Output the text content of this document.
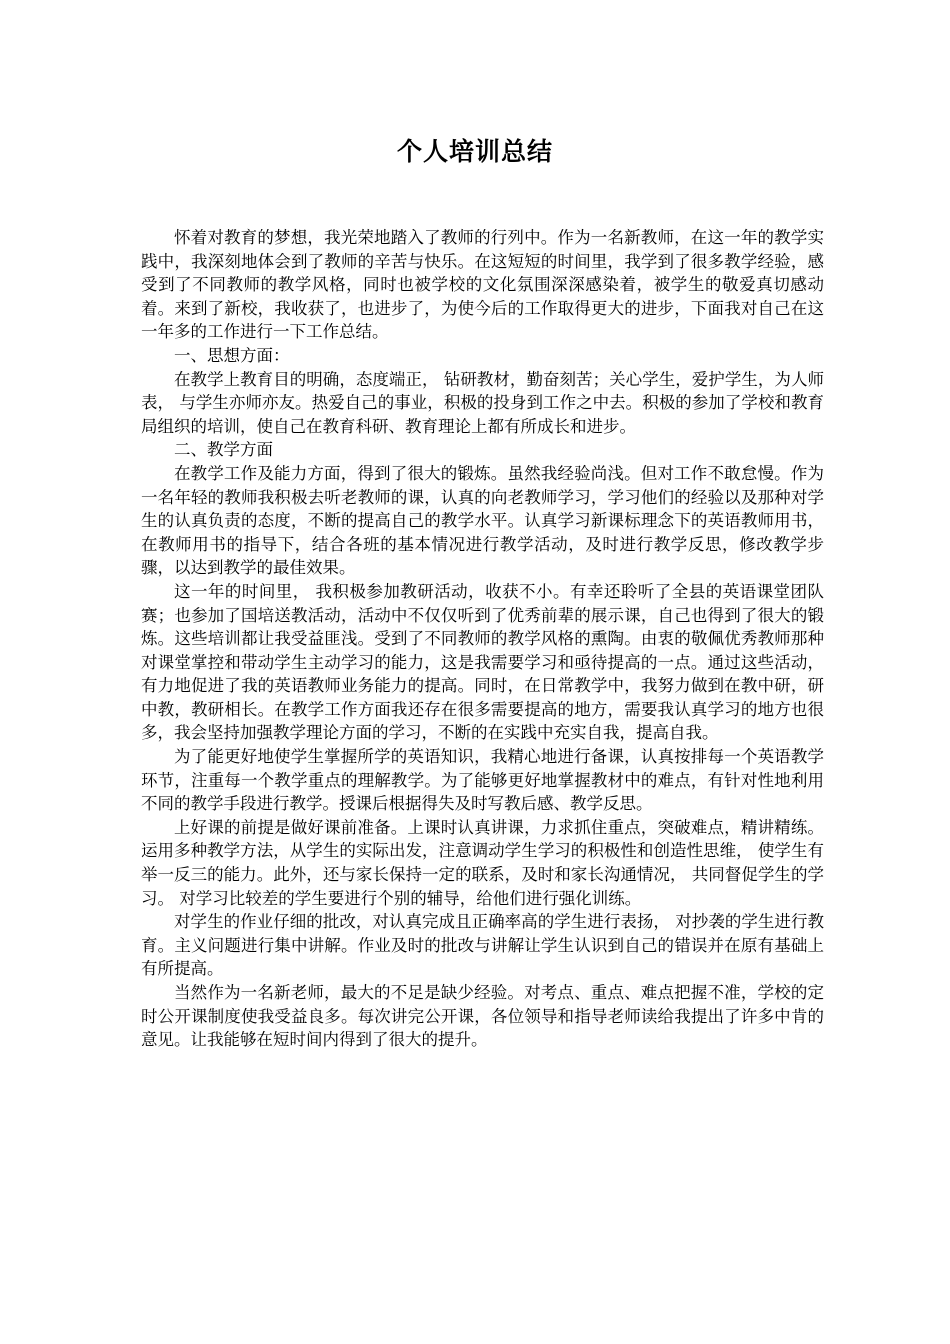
个人培训总结

怀着对教育的梦想，我光荣地踏入了教师的行列中。作为一名新教师，在这一年的教学实践中，我深刻地体会到了教师的辛苦与快乐。在这短短的时间里，我学到了很多教学经验，感受到了不同教师的教学风格，同时也被学校的文化氛围深深感染着，被学生的敬爱真切感动着。来到了新校，我收获了，也进步了，为使今后的工作取得更大的进步，下面我对自己在这一年多的工作进行一下工作总结。

一、思想方面：

在教学上教育目的明确，态度端正， 钻研教材，勤奋刻苦；关心学生，爱护学生，为人师表， 与学生亦师亦友。热爱自己的事业，积极的投身到工作之中去。积极的参加了学校和教育局组织的培训，使自己在教育科研、教育理论上都有所成长和进步。

二、教学方面

在教学工作及能力方面，得到了很大的锻炼。虽然我经验尚浅。但对工作不敢怠慢。作为一名年轻的教师我积极去听老教师的课，认真的向老教师学习，学习他们的经验以及那种对学生的认真负责的态度，不断的提高自己的教学水平。认真学习新课标理念下的英语教师用书，在教师用书的指导下，结合各班的基本情况进行教学活动，及时进行教学反思，修改教学步骤，以达到教学的最佳效果。

这一年的时间里， 我积极参加教研活动，收获不小。有幸还聆听了全县的英语课堂团队赛；也参加了国培送教活动，活动中不仅仅听到了优秀前辈的展示课，自己也得到了很大的锻炼。这些培训都让我受益匪浅。受到了不同教师的教学风格的熏陶。由衷的敬佩优秀教师那种对课堂掌控和带动学生主动学习的能力，这是我需要学习和亟待提高的一点。通过这些活动，有力地促进了我的英语教师业务能力的提高。同时，在日常教学中，我努力做到在教中研，研中教，教研相长。在教学工作方面我还存在很多需要提高的地方，需要我认真学习的地方也很多，我会坚持加强教学理论方面的学习，不断的在实践中充实自我，提高自我。

为了能更好地使学生掌握所学的英语知识，我精心地进行备课，认真按排每一个英语教学环节，注重每一个教学重点的理解教学。为了能够更好地掌握教材中的难点，有针对性地利用不同的教学手段进行教学。授课后根据得失及时写教后感、教学反思。

上好课的前提是做好课前准备。上课时认真讲课，力求抓住重点，突破难点，精讲精练。 运用多种教学方法，从学生的实际出发，注意调动学生学习的积极性和创造性思维， 使学生有举一反三的能力。此外，还与家长保持一定的联系，及时和家长沟通情况， 共同督促学生的学习。 对学习比较差的学生要进行个别的辅导，给他们进行强化训练。

对学生的作业仔细的批改，对认真完成且正确率高的学生进行表扬， 对抄袭的学生进行教育。主义问题进行集中讲解。作业及时的批改与讲解让学生认识到自己的错误并在原有基础上有所提高。

当然作为一名新老师，最大的不足是缺少经验。对考点、重点、难点把握不准，学校的定时公开课制度使我受益良多。每次讲完公开课，各位领导和指导老师读给我提出了许多中肯的意见。让我能够在短时间内得到了很大的提升。
